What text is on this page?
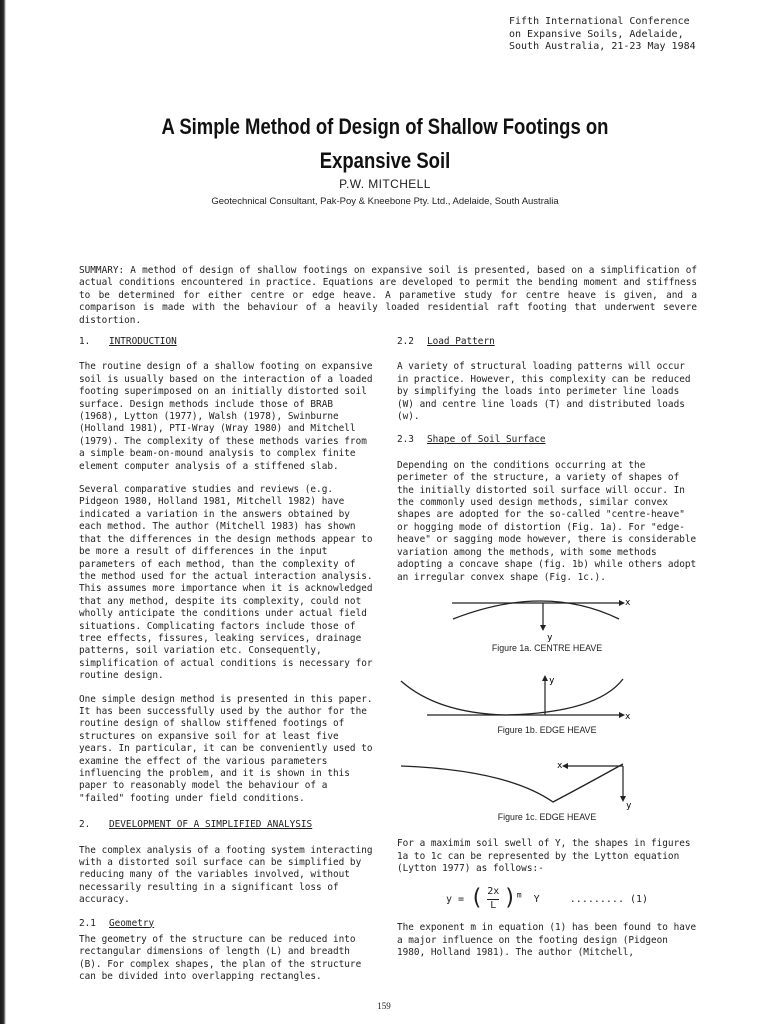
Fifth International Conference
on Expansive Soils, Adelaide,
South Australia, 21-23 May 1984
A Simple Method of Design of Shallow Footings on
Expansive Soil
P.W. MITCHELL
Geotechnical Consultant, Pak-Poy & Kneebone Pty. Ltd., Adelaide, South Australia
SUMMARY: A method of design of shallow footings on expansive soil is presented, based on a simplification of actual conditions encountered in practice. Equations are developed to permit the bending moment and stiffness to be determined for either centre or edge heave. A parametive study for centre heave is given, and a comparison is made with the behaviour of a heavily loaded residential raft footing that underwent severe distortion.
1. INTRODUCTION

The routine design of a shallow footing on expansive soil is usually based on the interaction of a loaded footing superimposed on an initially distorted soil surface. Design methods include those of BRAB (1968), Lytton (1977), Walsh (1978), Swinburne (Holland 1981), PTI-Wray (Wray 1980) and Mitchell (1979). The complexity of these methods varies from a simple beam-on-mound analysis to complex finite element computer analysis of a stiffened slab.

Several comparative studies and reviews (e.g. Pidgeon 1980, Holland 1981, Mitchell 1982) have indicated a variation in the answers obtained by each method. The author (Mitchell 1983) has shown that the differences in the design methods appear to be more a result of differences in the input parameters of each method, than the complexity of the method used for the actual interaction analysis. This assumes more importance when it is acknowledged that any method, despite its complexity, could not wholly anticipate the conditions under actual field situations. Complicating factors include those of tree effects, fissures, leaking services, drainage patterns, soil variation etc. Consequently, simplification of actual conditions is necessary for routine design.

One simple design method is presented in this paper. It has been successfully used by the author for the routine design of shallow stiffened footings of structures on expansive soil for at least five years. In particular, it can be conveniently used to examine the effect of the various parameters influencing the problem, and it is shown in this paper to reasonably model the behaviour of a "failed" footing under field conditions.

2. DEVELOPMENT OF A SIMPLIFIED ANALYSIS

The complex analysis of a footing system interacting with a distorted soil surface can be simplified by reducing many of the variables involved, without necessarily resulting in a significant loss of accuracy.

2.1 Geometry

The geometry of the structure can be reduced into rectangular dimensions of length (L) and breadth (B). For complex shapes, the plan of the structure can be divided into overlapping rectangles.

2.2 Load Pattern

A variety of structural loading patterns will occur in practice. However, this complexity can be reduced by simplifying the loads into perimeter line loads (W) and centre line loads (T) and distributed loads (w).

2.3 Shape of Soil Surface

Depending on the conditions occurring at the perimeter of the structure, a variety of shapes of the initially distorted soil surface will occur. In the commonly used design methods, similar convex shapes are adopted for the so-called "centre-heave" or hogging mode of distortion (Fig. 1a). For "edge-heave" or sagging mode however, there is considerable variation among the methods, with some methods adopting a concave shape (fig. 1b) while others adopt an irregular convex shape (Fig. 1c.).

x
y
Figure 1a. CENTRE HEAVE
x
y
Figure 1b. EDGE HEAVE
x
y
Figure 1c. EDGE HEAVE

For a maximim soil swell of Y, the shapes in figures 1a to 1c can be represented by the Lytton equation (Lytton 1977) as follows:-

y = ( $\frac{2x}{L} )^m$ Y	......... (1)

The exponent m in equation (1) has been found to have a major influence on the footing design (Pidgeon 1980, Holland 1981). The author (Mitchell,

159
